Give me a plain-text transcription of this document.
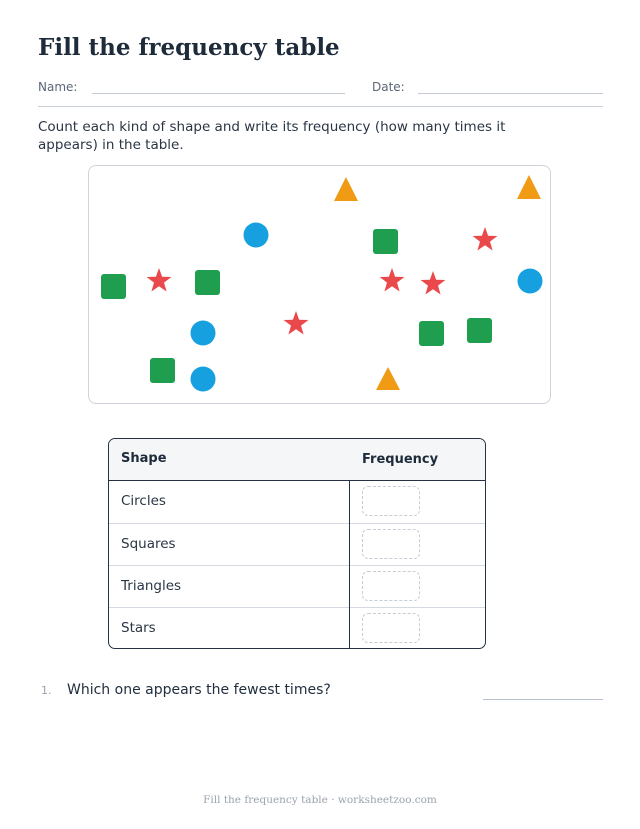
Fill the frequency table
Name:	Date:

Count each kind of shape and write its frequency (how many times it appears) in the table.

Shape	Frequency
Circles
Squares
Triangles
Stars
1. Which one appears the fewest times?
Fill the frequency table · worksheetzoo.com
